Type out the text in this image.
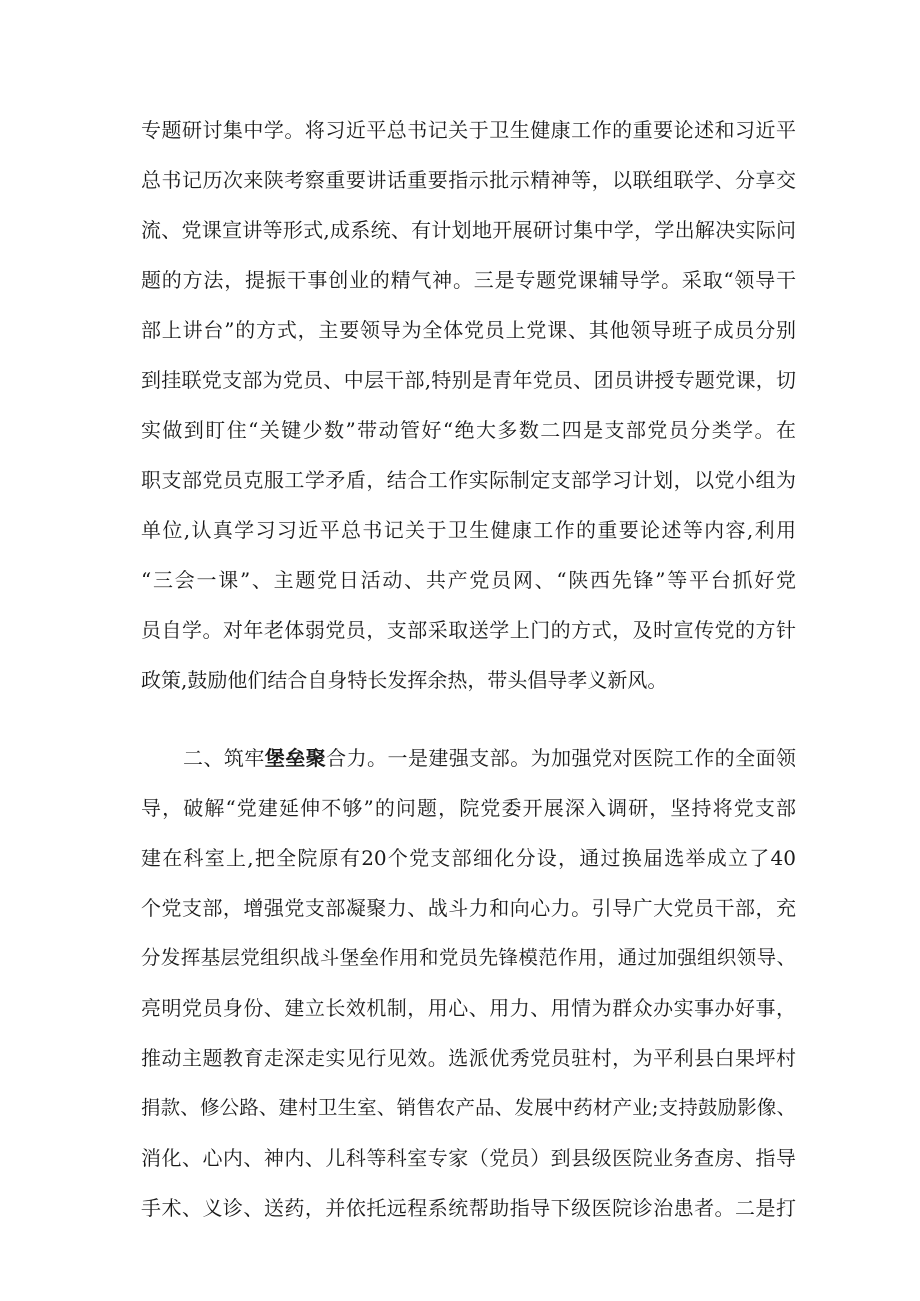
专题研讨集中学。将习近平总书记关于卫生健康工作的重要论述和习近平
总书记历次来陕考察重要讲话重要指示批示精神等，以联组联学、分享交
流、党课宣讲等形式,成系统、有计划地开展研讨集中学，学出解决实际问
题的方法，提振干事创业的精气神。三是专题党课辅导学。采取“领导干
部上讲台”的方式，主要领导为全体党员上党课、其他领导班子成员分别
到挂联党支部为党员、中层干部,特别是青年党员、团员讲授专题党课，切
实做到盯住“关键少数”带动管好“绝大多数二四是支部党员分类学。在
职支部党员克服工学矛盾，结合工作实际制定支部学习计划，以党小组为
单位,认真学习习近平总书记关于卫生健康工作的重要论述等内容,利用
“三会一课”、主题党日活动、共产党员网、“陕西先锋”等平台抓好党
员自学。对年老体弱党员，支部采取送学上门的方式，及时宣传党的方针
政策,鼓励他们结合自身特长发挥余热，带头倡导孝义新风。
二、筑牢堡垒聚合力。一是建强支部。为加强党对医院工作的全面领
导，破解“党建延伸不够”的问题，院党委开展深入调研，坚持将党支部
建在科室上,把全院原有20个党支部细化分设，通过换届选举成立了40
个党支部，增强党支部凝聚力、战斗力和向心力。引导广大党员干部，充
分发挥基层党组织战斗堡垒作用和党员先锋模范作用，通过加强组织领导、
亮明党员身份、建立长效机制，用心、用力、用情为群众办实事办好事，
推动主题教育走深走实见行见效。选派优秀党员驻村，为平利县白果坪村
捐款、修公路、建村卫生室、销售农产品、发展中药材产业;支持鼓励影像、
消化、心内、神内、儿科等科室专家（党员）到县级医院业务查房、指导
手术、义诊、送药，并依托远程系统帮助指导下级医院诊治患者。二是打
